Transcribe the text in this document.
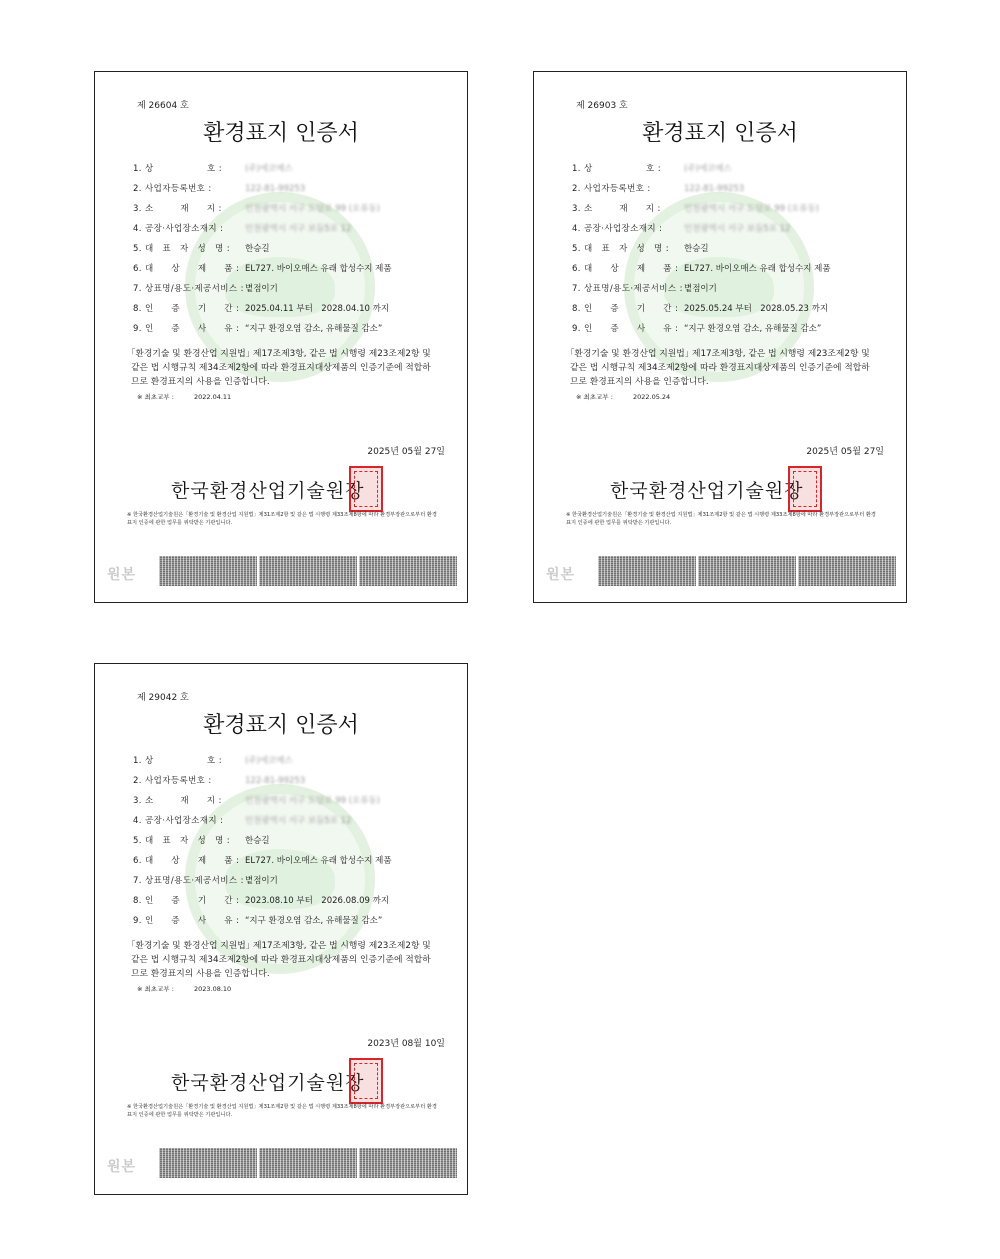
제 26604 호
환경표지 인증서
1. 상　　　　　　호 :	(주)에코매스
2. 사업자등록번호 :	122-81-99253
3. 소　　　재　　지 :	인천광역시 서구 도담로 99 (오류동)
4. 공장·사업장소재지 :	인천광역시 서구 보듬5로 12
5. 대　표　자　성　명 :	한승길
6. 대　　상　　제　　품 : EL727. 바이오매스 유래 합성수지 제품
7. 상표명/용도·제공서비스 : 볕점이기
8. 인　　증　　기　　간 : 2025.04.11 부터　2028.04.10 까지
9. 인　　증　　사　　유 : “지구 환경오염 감소, 유해물질 감소”
｢환경기술 및 환경산업 지원법｣ 제17조제3항, 같은 법 시행령 제23조제2항 및 같은 법 시행규칙 제34조제2항에 따라 환경표지대상제품의 인증기준에 적합하므로 환경표지의 사용을 인증합니다.
※ 최초교부 :	2022.04.11
2025년 05월 27일
한국환경산업기술원장
※ 한국환경산업기술원은「환경기술 및 환경산업 지원법」제31조제2항 및 같은 법 시행령 제33조제8항에 따라 환경부장관으로부터 환경표지 인증에 관한 업무를 위탁받은 기관입니다.
원본
제 26903 호
환경표지 인증서
1. 상　　　　　　호 :	(주)에코매스
2. 사업자등록번호 :	122-81-99253
3. 소　　　재　　지 :	인천광역시 서구 도담로 99 (오류동)
4. 공장·사업장소재지 :	인천광역시 서구 보듬5로 12
5. 대　표　자　성　명 :	한승길
6. 대　　상　　제　　품 : EL727. 바이오매스 유래 합성수지 제품
7. 상표명/용도·제공서비스 : 볕점이기
8. 인　　증　　기　　간 : 2025.05.24 부터　2028.05.23 까지
9. 인　　증　　사　　유 : “지구 환경오염 감소, 유해물질 감소”
｢환경기술 및 환경산업 지원법｣ 제17조제3항, 같은 법 시행령 제23조제2항 및 같은 법 시행규칙 제34조제2항에 따라 환경표지대상제품의 인증기준에 적합하므로 환경표지의 사용을 인증합니다.
※ 최초교부 :	2022.05.24
2025년 05월 27일
한국환경산업기술원장
※ 한국환경산업기술원은「환경기술 및 환경산업 지원법」제31조제2항 및 같은 법 시행령 제33조제8항에 따라 환경부장관으로부터 환경표지 인증에 관한 업무를 위탁받은 기관입니다.
원본
제 29042 호
환경표지 인증서
1. 상　　　　　　호 :	(주)에코매스
2. 사업자등록번호 :	122-81-99253
3. 소　　　재　　지 :	인천광역시 서구 도담로 99 (오류동)
4. 공장·사업장소재지 :	인천광역시 서구 보듬5로 12
5. 대　표　자　성　명 :	한승길
6. 대　　상　　제　　품 : EL727. 바이오매스 유래 합성수지 제품
7. 상표명/용도·제공서비스 : 볕점이기
8. 인　　증　　기　　간 : 2023.08.10 부터　2026.08.09 까지
9. 인　　증　　사　　유 : “지구 환경오염 감소, 유해물질 감소”
｢환경기술 및 환경산업 지원법｣ 제17조제3항, 같은 법 시행령 제23조제2항 및 같은 법 시행규칙 제34조제2항에 따라 환경표지대상제품의 인증기준에 적합하므로 환경표지의 사용을 인증합니다.
※ 최초교부 :	2023.08.10
2023년 08월 10일
한국환경산업기술원장
※ 한국환경산업기술원은「환경기술 및 환경산업 지원법」제31조제2항 및 같은 법 시행령 제33조제8항에 따라 환경부장관으로부터 환경표지 인증에 관한 업무를 위탁받은 기관입니다.
원본
